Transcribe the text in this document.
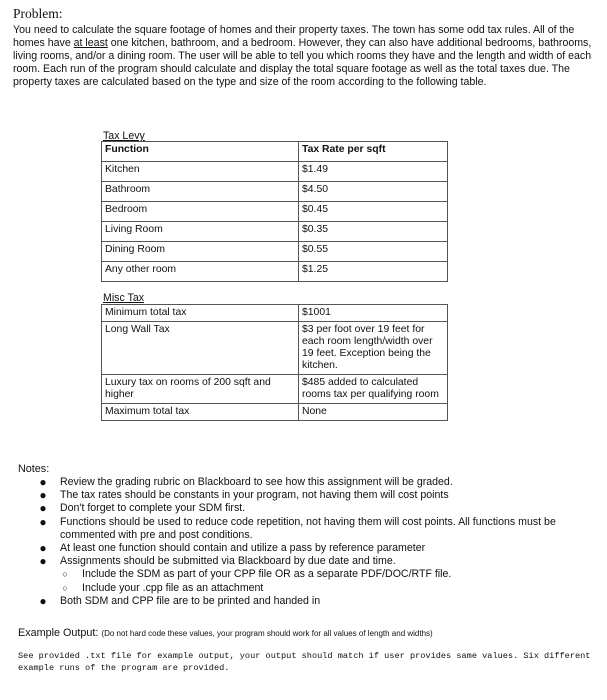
Problem:
You need to calculate the square footage of homes and their property taxes. The town has some odd tax rules. All of the homes have at least one kitchen, bathroom, and a bedroom. However, they can also have additional bedrooms, bathrooms, living rooms, and/or a dining room. The user will be able to tell you which rooms they have and the length and width of each room. Each run of the program should calculate and display the total square footage as well as the total taxes due. The property taxes are calculated based on the type and size of the room according to the following table.
Tax Levy
Function	Tax Rate per sqft
Kitchen	$1.49
Bathroom	$4.50
Bedroom	$0.45
Living Room	$0.35
Dining Room	$0.55
Any other room	$1.25
Misc Tax
Minimum total tax	$1001
Long Wall Tax	$3 per foot over 19 feet for each room length/width over 19 feet. Exception being the kitchen.
Luxury tax on rooms of 200 sqft and higher	$485 added to calculated rooms tax per qualifying room
Maximum total tax	None
Notes:
● Review the grading rubric on Blackboard to see how this assignment will be graded.
● The tax rates should be constants in your program, not having them will cost points
● Don't forget to complete your SDM first.
● Functions should be used to reduce code repetition, not having them will cost points. All functions must be commented with pre and post conditions.
● At least one function should contain and utilize a pass by reference parameter
● Assignments should be submitted via Blackboard by due date and time.
○ Include the SDM as part of your CPP file OR as a separate PDF/DOC/RTF file.
○ Include your .cpp file as an attachment
● Both SDM and CPP file are to be printed and handed in
Example Output: (Do not hard code these values, your program should work for all values of length and widths)
See provided .txt file for example output, your output should match if user provides same values. Six different example runs of the program are provided.
